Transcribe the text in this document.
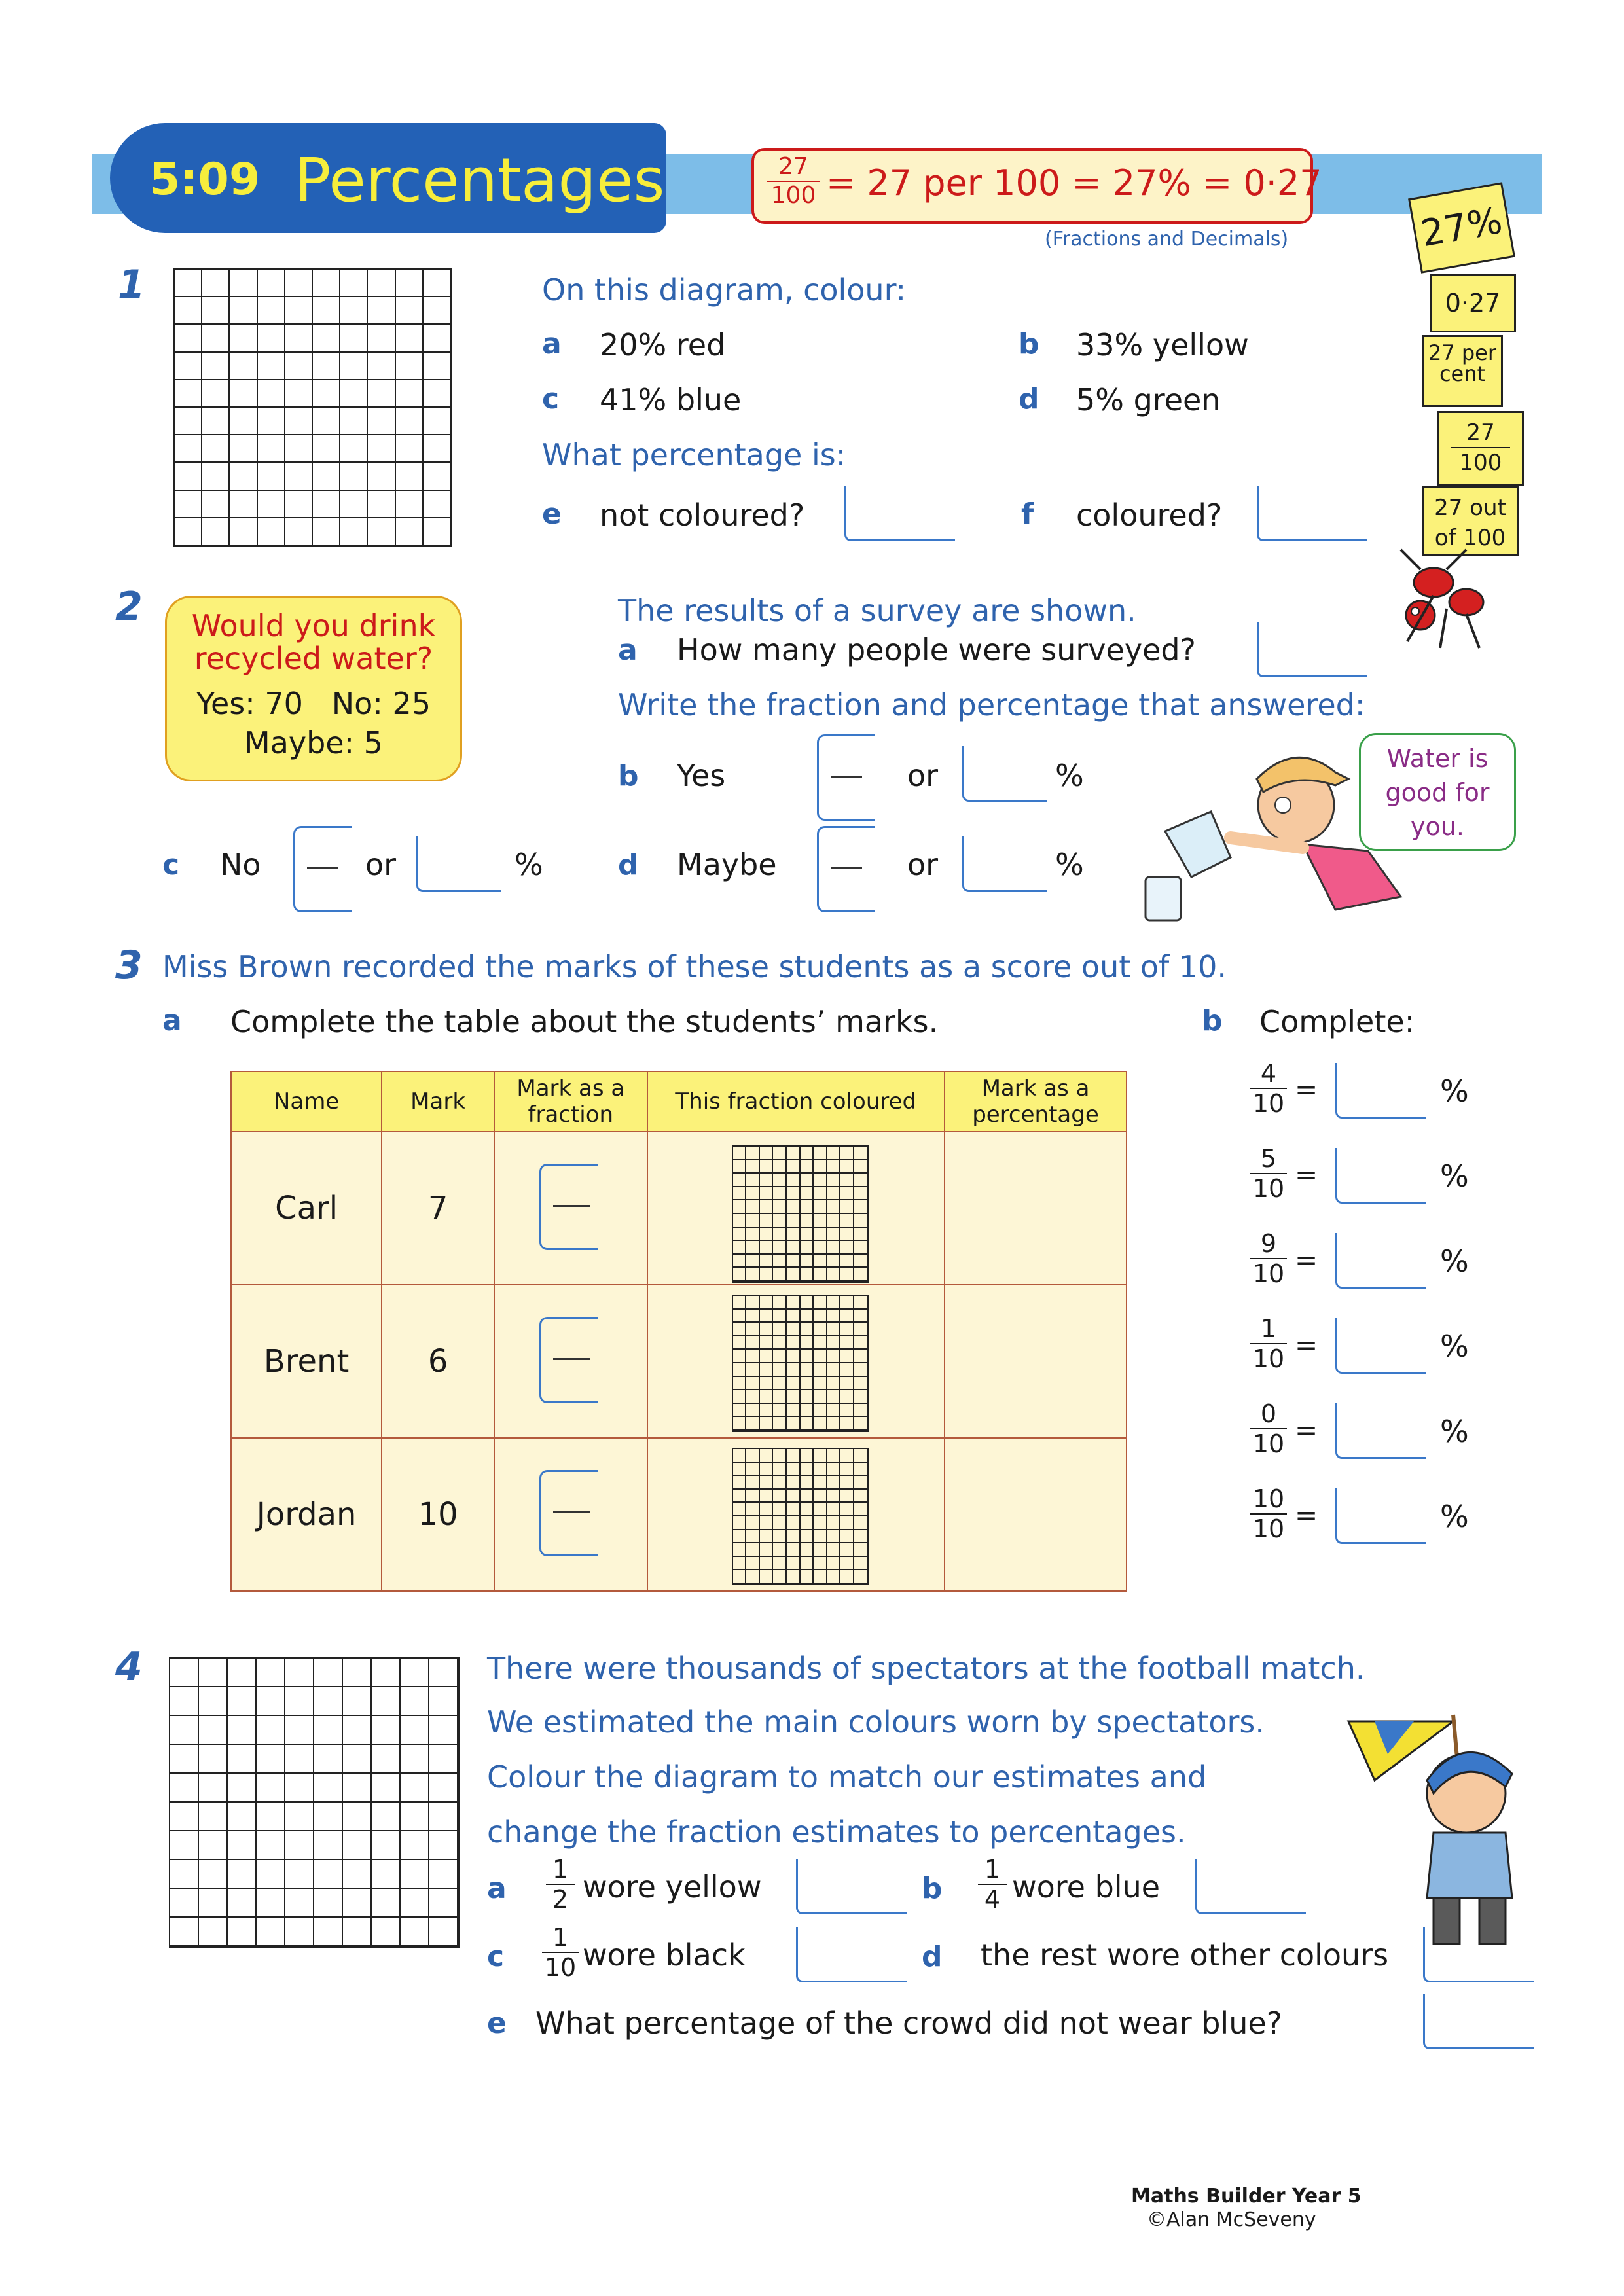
5:09 Percentages	27
100 = 27 per 100 = 27% = 0·27
(Fractions and Decimals)	27%
0·27
27 per cent
27
100
27 out of 100
1	On this diagram, colour:
a 20% red	b 33% yellow
c 41% blue	d 5% green
What percentage is:
e not coloured?	f coloured?
2	Would you drink
recycled water?
Yes: 70   No: 25
Maybe: 5
The results of a survey are shown.
a How many people were surveyed?
Write the fraction and percentage that answered:
b Yes	or	%
c No	or	%	d Maybe	or	%
Water is good for you.
3 Miss Brown recorded the marks of these students as a score out of 10.
a Complete the table about the students’ marks.	b Complete:
Name	Mark	Mark as a fraction	This fraction coloured	Mark as a percentage
Carl	7	

Brent	6	

Jordan	10	

4
10 =	%
5
10 =	%
9
10 =	%
1
10 =	%
0
10 =	%
10
10 =	%
4	There were thousands of spectators at the football match.
We estimated the main colours worn by spectators.
Colour the diagram to match our estimates and
change the fraction estimates to percentages.
a
1
2 wore yellow	b
1
4 wore blue
c
1
10 wore black	d the rest wore other colours
e What percentage of the crowd did not wear blue?
Maths Builder Year 5
©Alan McSeveny
